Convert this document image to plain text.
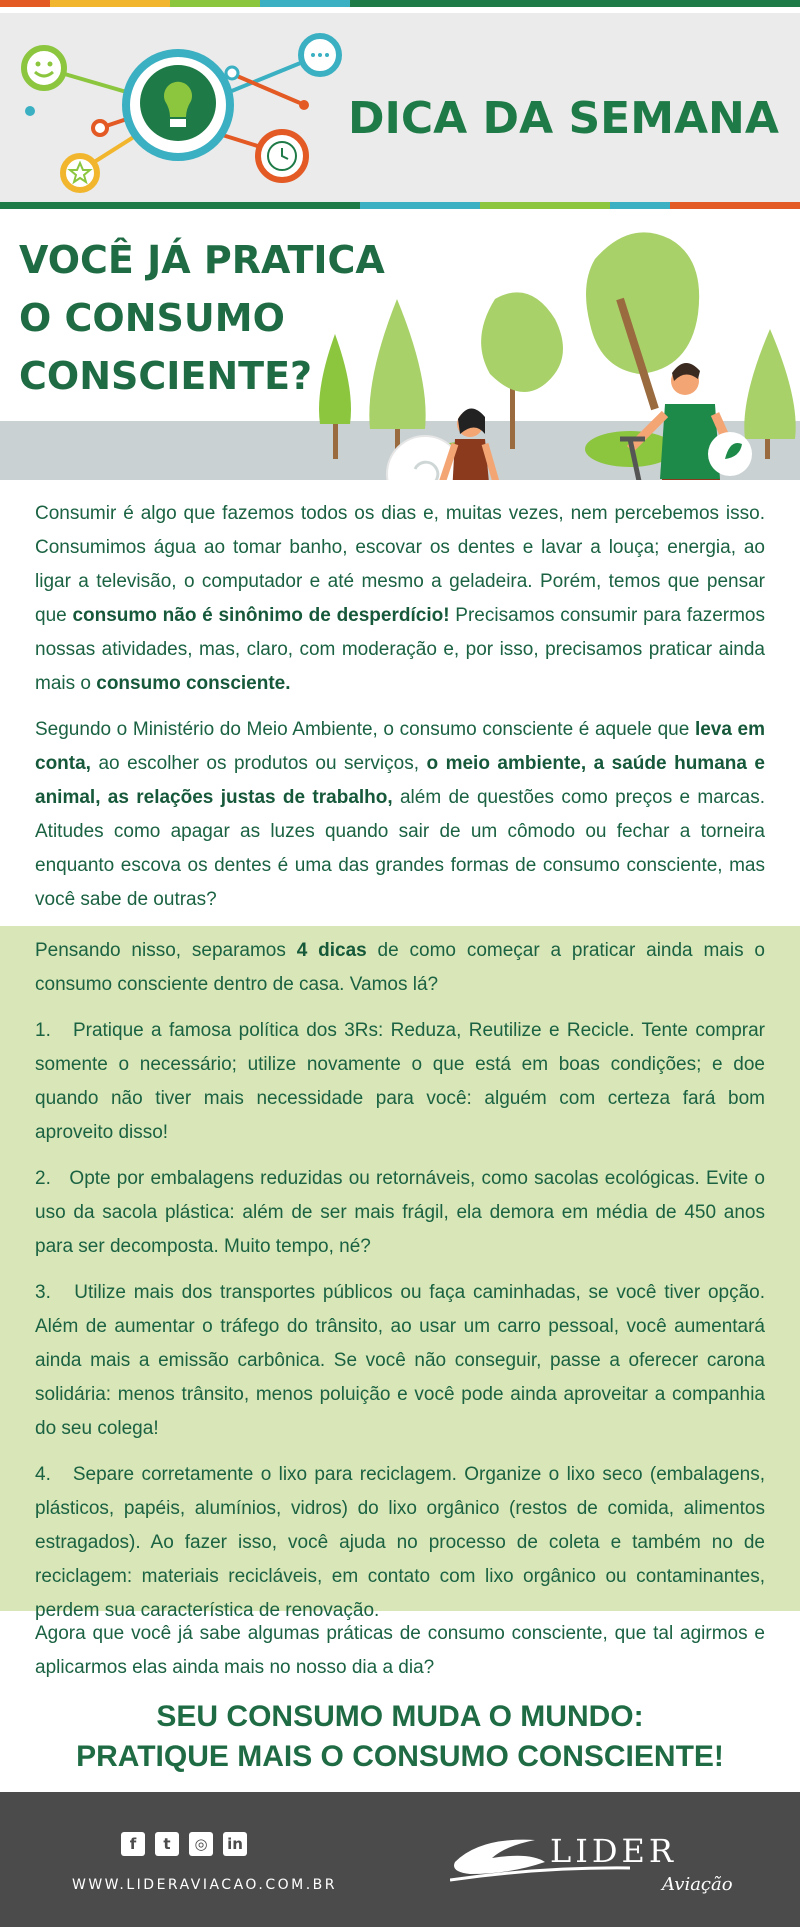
DICA DA SEMANA
VOCÊ JÁ PRATICA
O CONSUMO
CONSCIENTE?

Consumir é algo que fazemos todos os dias e, muitas vezes, nem percebemos isso. Consumimos água ao tomar banho, escovar os dentes e lavar a louça; energia, ao ligar a televisão, o computador e até mesmo a geladeira. Porém, temos que pensar que consumo não é sinônimo de desperdício! Precisamos consumir para fazermos nossas atividades, mas, claro, com moderação e, por isso, precisamos praticar ainda mais o consumo consciente.

Segundo o Ministério do Meio Ambiente, o consumo consciente é aquele que leva em conta, ao escolher os produtos ou serviços, o meio ambiente, a saúde humana e animal, as relações justas de trabalho, além de questões como preços e marcas. Atitudes como apagar as luzes quando sair de um cômodo ou fechar a torneira enquanto escova os dentes é uma das grandes formas de consumo consciente, mas você sabe de outras?

Pensando nisso, separamos 4 dicas de como começar a praticar ainda mais o consumo consciente dentro de casa. Vamos lá?

1. Pratique a famosa política dos 3Rs: Reduza, Reutilize e Recicle. Tente comprar somente o necessário; utilize novamente o que está em boas condições; e doe quando não tiver mais necessidade para você: alguém com certeza fará bom aproveito disso!

2. Opte por embalagens reduzidas ou retornáveis, como sacolas ecológicas. Evite o uso da sacola plástica: além de ser mais frágil, ela demora em média de 450 anos para ser decomposta. Muito tempo, né?

3. Utilize mais dos transportes públicos ou faça caminhadas, se você tiver opção. Além de aumentar o tráfego do trânsito, ao usar um carro pessoal, você aumentará ainda mais a emissão carbônica. Se você não conseguir, passe a oferecer carona solidária: menos trânsito, menos poluição e você pode ainda aproveitar a companhia do seu colega!

4. Separe corretamente o lixo para reciclagem. Organize o lixo seco (embalagens, plásticos, papéis, alumínios, vidros) do lixo orgânico (restos de comida, alimentos estragados). Ao fazer isso, você ajuda no processo de coleta e também no de reciclagem: materiais recicláveis, em contato com lixo orgânico ou contaminantes, perdem sua característica de renovação.

Agora que você já sabe algumas práticas de consumo consciente, que tal agirmos e aplicarmos elas ainda mais no nosso dia a dia?

SEU CONSUMO MUDA O MUNDO:
PRATIQUE MAIS O CONSUMO CONSCIENTE!
f	t	◎	in
WWW.LIDERAVIACAO.COM.BR
LIDER
Aviação
